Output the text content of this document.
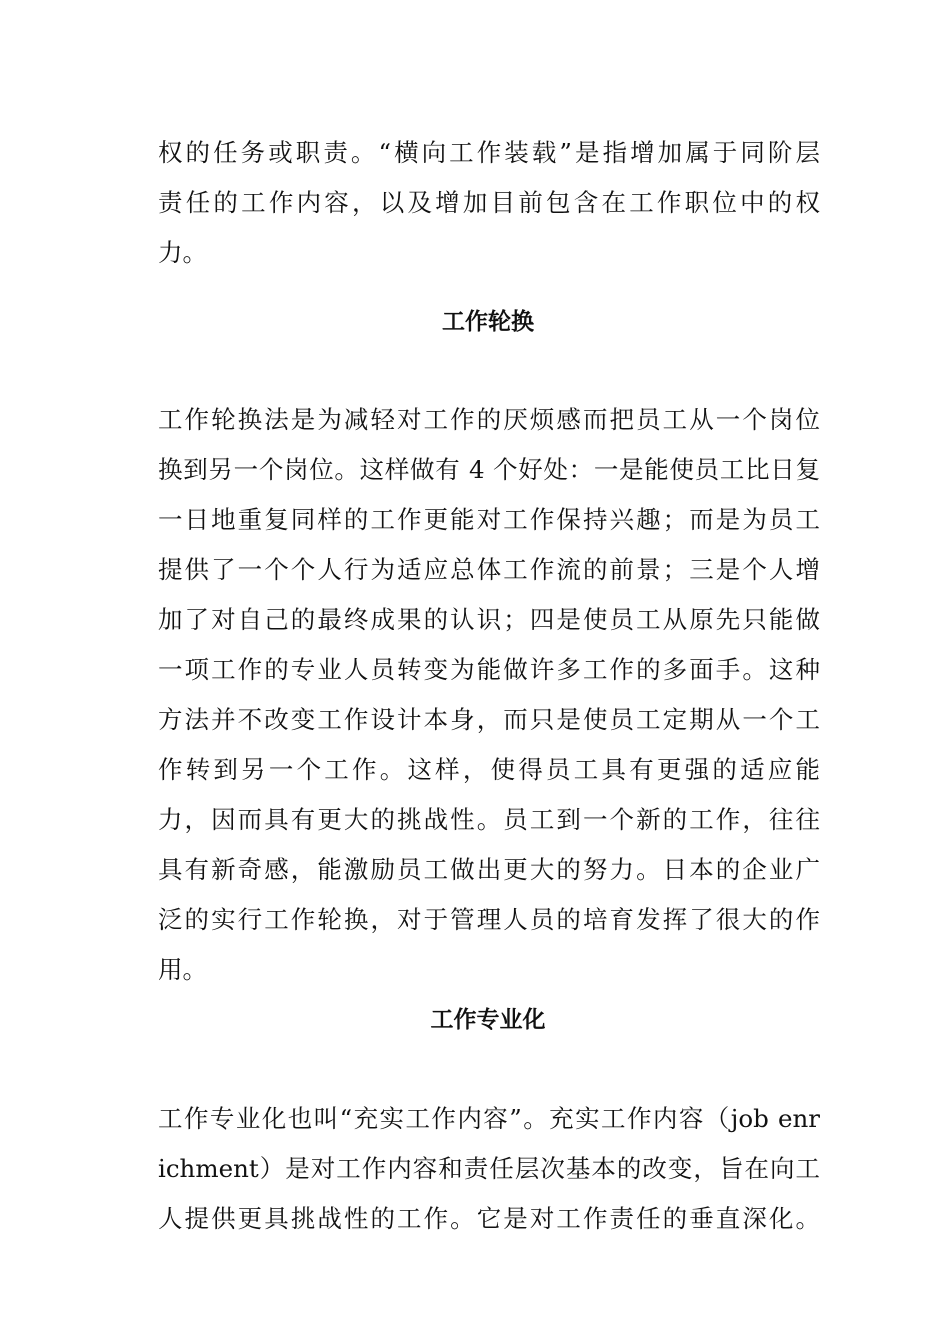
权的任务或职责。“横向工作装载”是指增加属于同阶层
责任的工作内容，以及增加目前包含在工作职位中的权
力。
工作轮换
工作轮换法是为减轻对工作的厌烦感而把员工从一个岗位
换到另一个岗位。这样做有 4 个好处：一是能使员工比日复
一日地重复同样的工作更能对工作保持兴趣；而是为员工
提供了一个个人行为适应总体工作流的前景；三是个人增
加了对自己的最终成果的认识；四是使员工从原先只能做
一项工作的专业人员转变为能做许多工作的多面手。这种
方法并不改变工作设计本身，而只是使员工定期从一个工
作转到另一个工作。这样，使得员工具有更强的适应能
力，因而具有更大的挑战性。员工到一个新的工作，往往
具有新奇感，能激励员工做出更大的努力。日本的企业广
泛的实行工作轮换，对于管理人员的培育发挥了很大的作
用。
工作专业化
工作专业化也叫“充实工作内容”。充实工作内容（job enr
ichment）是对工作内容和责任层次基本的改变，旨在向工
人提供更具挑战性的工作。它是对工作责任的垂直深化。
